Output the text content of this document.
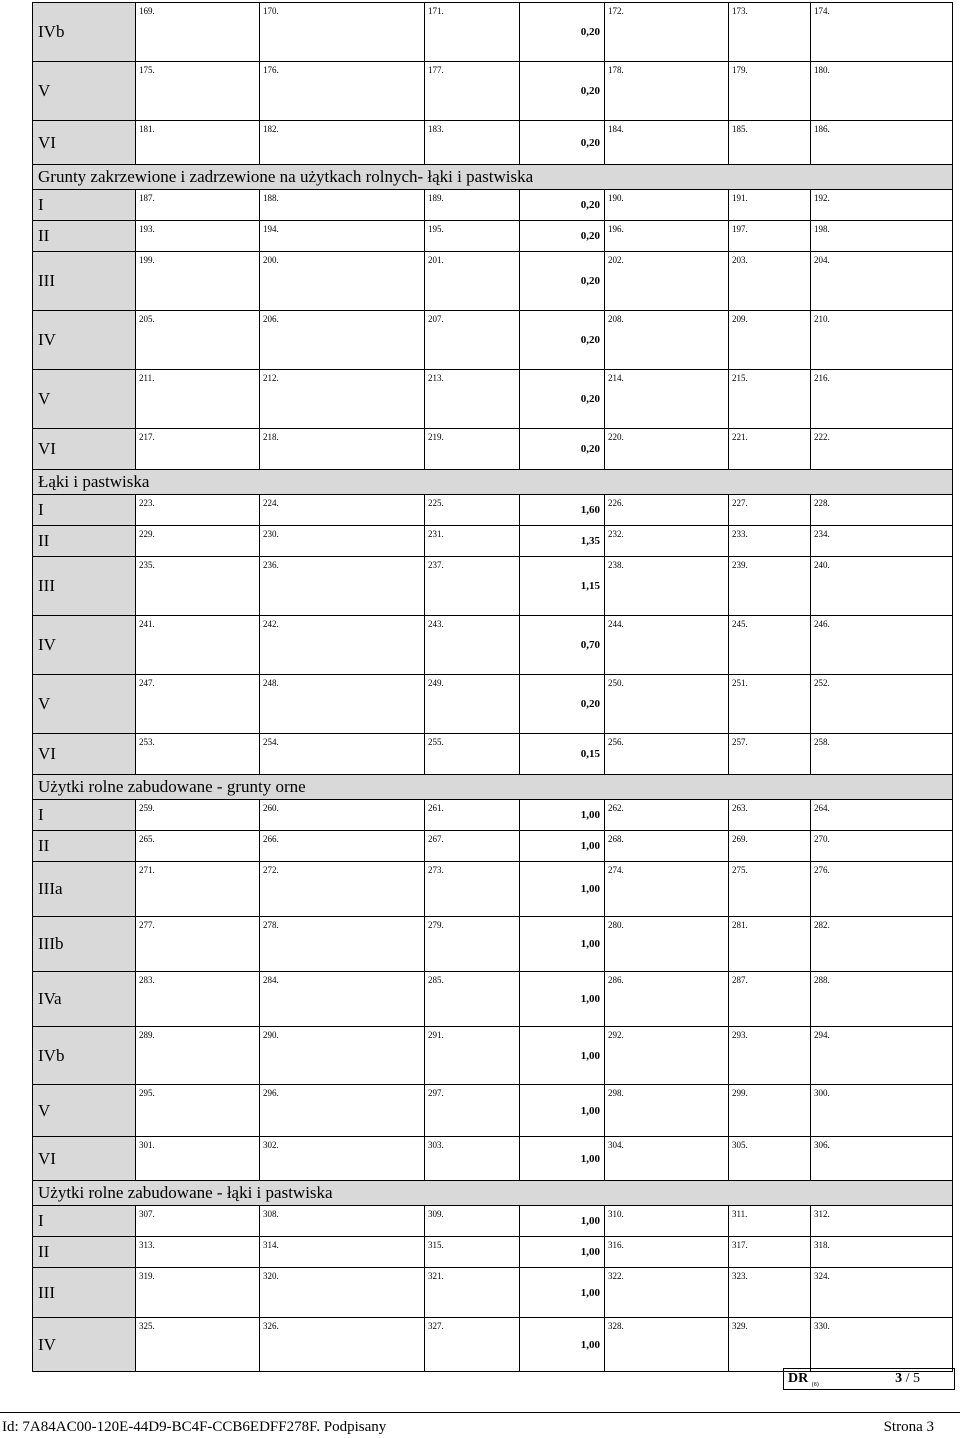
IVb	169.	170.	171.	0,20	172.	173.	174.
V	175.	176.	177.	0,20	178.	179.	180.
VI	181.	182.	183.	0,20	184.	185.	186.
Grunty zakrzewione i zadrzewione na użytkach rolnych- łąki i pastwiska							
I	187.	188.	189.	0,20	190.	191.	192.
II	193.	194.	195.	0,20	196.	197.	198.
III	199.	200.	201.	0,20	202.	203.	204.
IV	205.	206.	207.	0,20	208.	209.	210.
V	211.	212.	213.	0,20	214.	215.	216.
VI	217.	218.	219.	0,20	220.	221.	222.
Łąki i pastwiska							
I	223.	224.	225.	1,60	226.	227.	228.
II	229.	230.	231.	1,35	232.	233.	234.
III	235.	236.	237.	1,15	238.	239.	240.
IV	241.	242.	243.	0,70	244.	245.	246.
V	247.	248.	249.	0,20	250.	251.	252.
VI	253.	254.	255.	0,15	256.	257.	258.
Użytki rolne zabudowane - grunty orne							
I	259.	260.	261.	1,00	262.	263.	264.
II	265.	266.	267.	1,00	268.	269.	270.
IIIa	271.	272.	273.	1,00	274.	275.	276.
IIIb	277.	278.	279.	1,00	280.	281.	282.
IVa	283.	284.	285.	1,00	286.	287.	288.
IVb	289.	290.	291.	1,00	292.	293.	294.
V	295.	296.	297.	1,00	298.	299.	300.
VI	301.	302.	303.	1,00	304.	305.	306.
Użytki rolne zabudowane - łąki i pastwiska							
I	307.	308.	309.	1,00	310.	311.	312.
II	313.	314.	315.	1,00	316.	317.	318.
III	319.	320.	321.	1,00	322.	323.	324.
IV	325.	326.	327.	1,00	328.	329.	330.
DR $_{(8)}$	3 / 5
Id: 7A84AC00-120E-44D9-BC4F-CCB6EDFF278F. Podpisany	Strona 3
